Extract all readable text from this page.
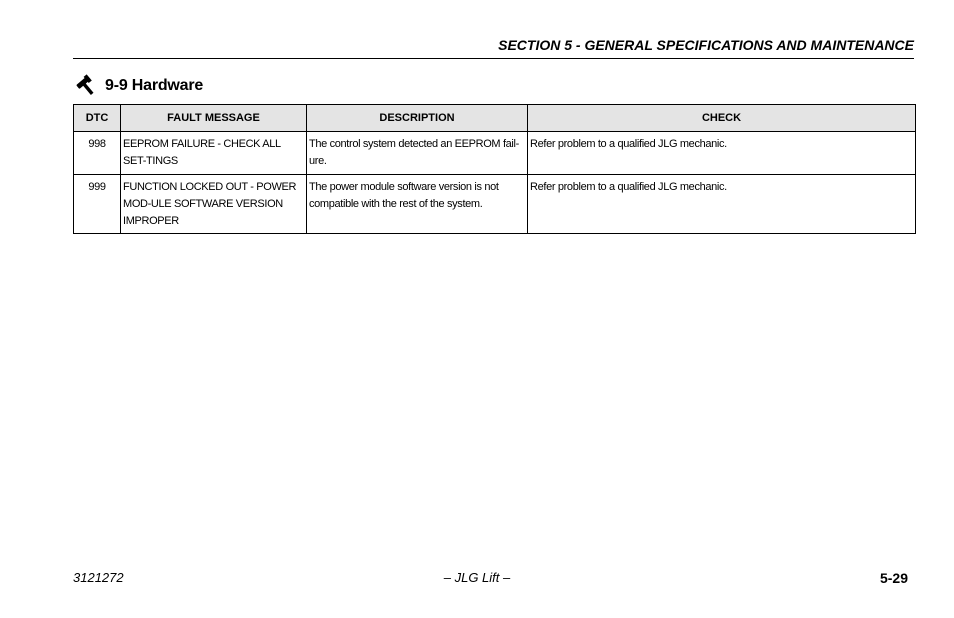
SECTION 5 - GENERAL SPECIFICATIONS AND MAINTENANCE
9-9 Hardware
DTC	FAULT MESSAGE	DESCRIPTION	CHECK
998	EEPROM FAILURE - CHECK ALL SET-TINGS	The control system detected an EEPROM fail-ure.	Refer problem to a qualified JLG mechanic.
999	FUNCTION LOCKED OUT - POWER MOD-ULE SOFTWARE VERSION IMPROPER	The power module software version is not compatible with the rest of the system.	Refer problem to a qualified JLG mechanic.
3121272	– JLG Lift –	5-29
